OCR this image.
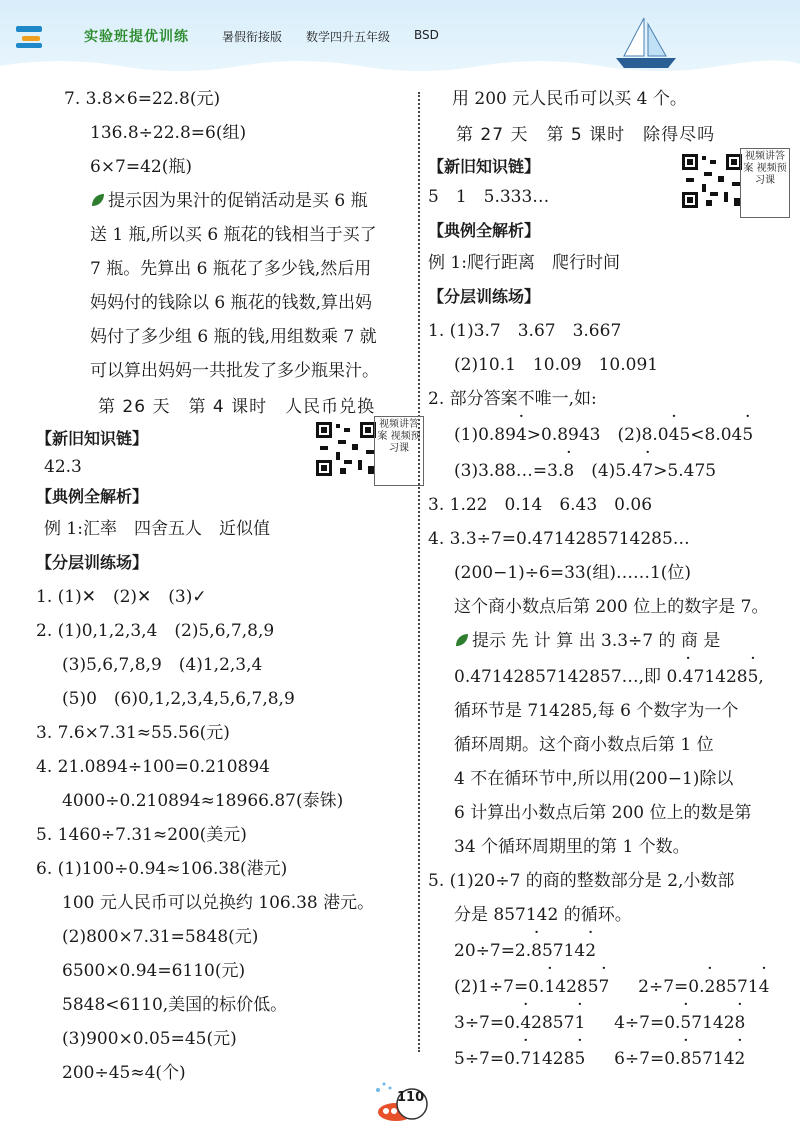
实验班提优训练	暑假衔接版 数学四升五年级 BSD
7. 3.8×6=22.8(元)
136.8÷22.8=6(组)
6×7=42(瓶)
提示因为果汁的促销活动是买 6 瓶
送 1 瓶,所以买 6 瓶花的钱相当于买了
7 瓶。先算出 6 瓶花了多少钱,然后用
妈妈付的钱除以 6 瓶花的钱数,算出妈
妈付了多少组 6 瓶的钱,用组数乘 7 就
可以算出妈妈一共批发了多少瓶果汁。
第 26 天　第 4 课时　人民币兑换
【新旧知识链】
42.3
视频讲答案 视频预习课
【典例全解析】
例 1:汇率　四舍五人　近似值
【分层训练场】
1. (1)✕　(2)✕　(3)✓
2. (1)0,1,2,3,4　(2)5,6,7,8,9
(3)5,6,7,8,9　(4)1,2,3,4
(5)0　(6)0,1,2,3,4,5,6,7,8,9
3. 7.6×7.31≈55.56(元)
4. 21.0894÷100=0.210894
4000÷0.210894≈18966.87(泰铢)
5. 1460÷7.31≈200(美元)
6. (1)100÷0.94≈106.38(港元)
100 元人民币可以兑换约 106.38 港元。
(2)800×7.31=5848(元)
6500×0.94=6110(元)
5848<6110,美国的标价低。
(3)900×0.05=45(元)
200÷45≈4(个)
用 200 元人民币可以买 4 个。
第 27 天　第 5 课时　除得尽吗
【新旧知识链】
5　1　5.333…
视频讲答案 视频预习课
【典例全解析】
例 1:爬行距离　爬行时间
【分层训练场】
1. (1)3.7　3.67　3.667
(2)10.1　10.09　10.091
2. 部分答案不唯一,如:
(1)0.89· 4>0.8943　(2)8.0· 45<8.04· 5
(3)3.88…=3.· 8　(4)5.4· 7>5.475
3. 1.22　0.14　6.43　0.06
4. 3.3÷7=0.4714285714285…
(200−1)÷6=33(组)……1(位)
这个商小数点后第 200 位上的数字是 7。
提示 先 计 算 出 3.3÷7 的 商 是
0.47142857142857…,即 0.· 471428· 5,
循环节是 714285,每 6 个数字为一个
循环周期。这个商小数点后第 1 位
4 不在循环节中,所以用(200−1)除以
6 计算出小数点后第 200 位上的数是第
34 个循环周期里的第 1 个数。
5. (1)20÷7 的商的整数部分是 2,小数部
分是 857142 的循环。
20÷7=2.· 85714· 2
(2)1÷7=0.· 14285· 7 2÷7=0.· 28571· 4
3÷7=0.· 42857· 1 4÷7=0.· 57142· 8
5÷7=0.· 71428· 5 6÷7=0.· 85714· 2
110
